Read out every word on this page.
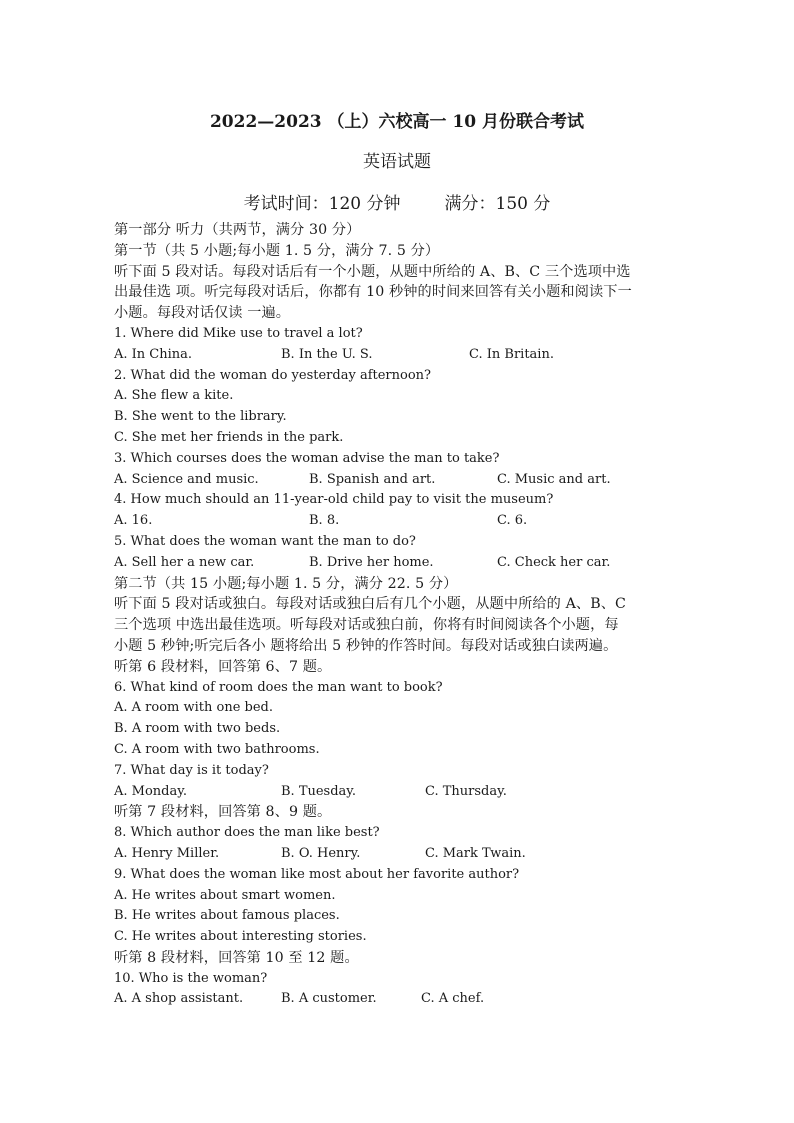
2022—2023 （上）六校高一 10 月份联合考试
英语试题
考试时间：120 分钟	满分：150 分
第一部分 听力（共两节，满分 30 分）
第一节（共 5 小题;每小题 1. 5 分，满分 7. 5 分）
听下面 5 段对话。每段对话后有一个小题，从题中所给的 A、B、C 三个选项中选
出最佳选 项。听完每段对话后，你都有 10 秒钟的时间来回答有关小题和阅读下一
小题。每段对话仅读 一遍。
1. Where did Mike use to travel a lot?
A. In China.	B. In the U. S.	C. In Britain.
2. What did the woman do yesterday afternoon?
A. She flew a kite.
B. She went to the library.
C. She met her friends in the park.
3. Which courses does the woman advise the man to take?
A. Science and music.	B. Spanish and art.	C. Music and art.
4. How much should an 11-year-old child pay to visit the museum?
A. 16.	B. 8.	C. 6.
5. What does the woman want the man to do?
A. Sell her a new car.	B. Drive her home.	C. Check her car.
第二节（共 15 小题;每小题 1. 5 分，满分 22. 5 分）
听下面 5 段对话或独白。每段对话或独白后有几个小题，从题中所给的 A、B、C
三个选项 中选出最佳选项。听每段对话或独白前，你将有时间阅读各个小题，每
小题 5 秒钟;听完后各小 题将给出 5 秒钟的作答时间。每段对话或独白读两遍。
听第 6 段材料，回答第 6、7 题。
6. What kind of room does the man want to book?
A. A room with one bed.
B. A room with two beds.
C. A room with two bathrooms.
7. What day is it today?
A. Monday.	B. Tuesday.	C. Thursday.
听第 7 段材料，回答第 8、9 题。
8. Which author does the man like best?
A. Henry Miller.	B. O. Henry.	C. Mark Twain.
9. What does the woman like most about her favorite author?
A. He writes about smart women.
B. He writes about famous places.
C. He writes about interesting stories.
听第 8 段材料，回答第 10 至 12 题。
10. Who is the woman?
A. A shop assistant.	B. A customer.	C. A chef.
